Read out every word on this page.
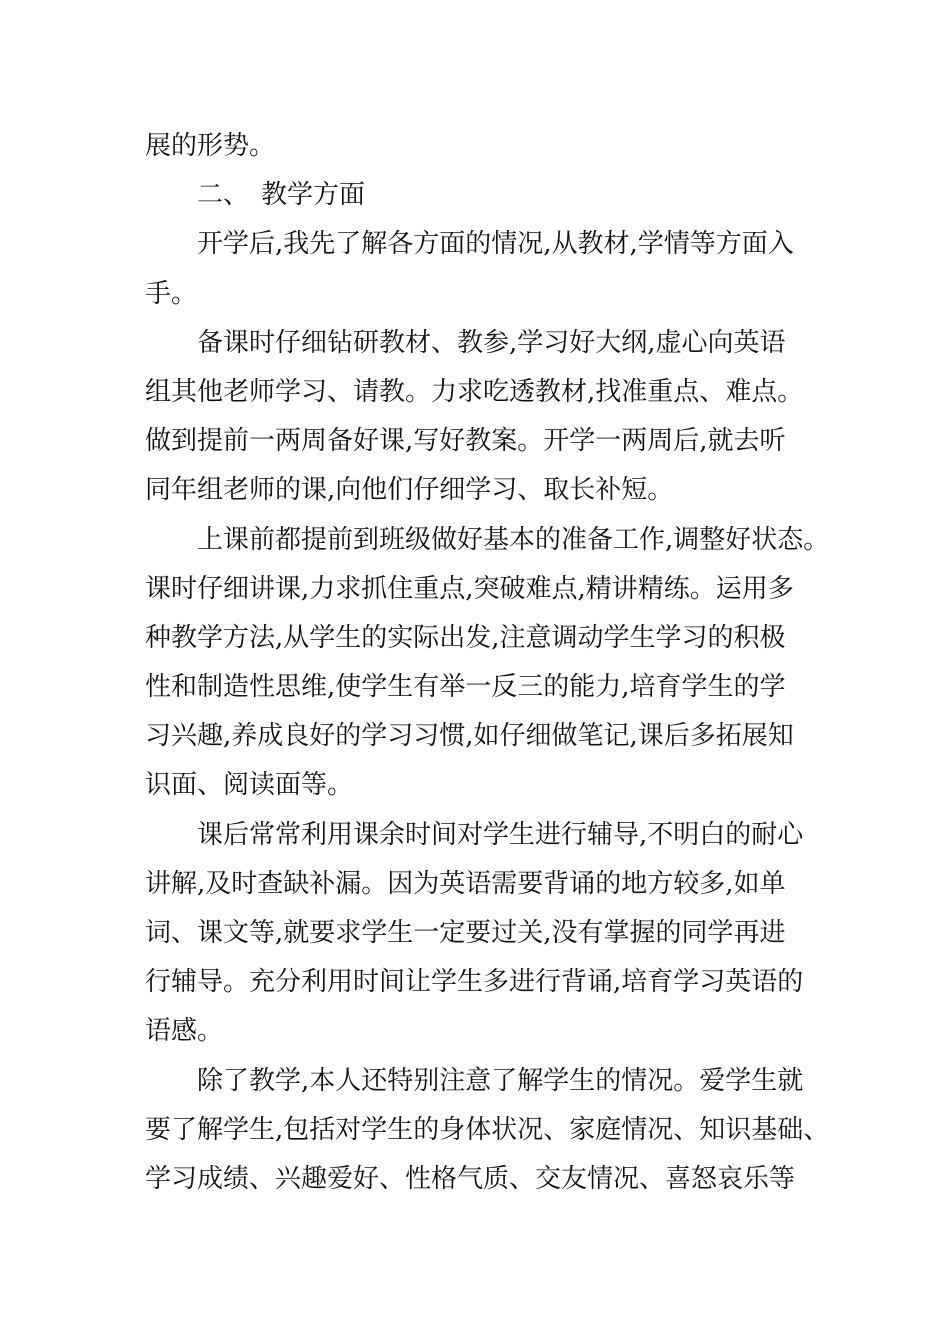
展的形势。
二、 教学方面
开学后,我先了解各方面的情况,从教材,学情等方面入
手。
备课时仔细钻研教材、教参,学习好大纲,虚心向英语
组其他老师学习、请教。力求吃透教材,找准重点、难点。
做到提前一两周备好课,写好教案。开学一两周后,就去听
同年组老师的课,向他们仔细学习、取长补短。
上课前都提前到班级做好基本的准备工作,调整好状态。
课时仔细讲课,力求抓住重点,突破难点,精讲精练。运用多
种教学方法,从学生的实际出发,注意调动学生学习的积极
性和制造性思维,使学生有举一反三的能力,培育学生的学
习兴趣,养成良好的学习习惯,如仔细做笔记,课后多拓展知
识面、阅读面等。
课后常常利用课余时间对学生进行辅导,不明白的耐心
讲解,及时查缺补漏。因为英语需要背诵的地方较多,如单
词、课文等,就要求学生一定要过关,没有掌握的同学再进
行辅导。充分利用时间让学生多进行背诵,培育学习英语的
语感。
除了教学,本人还特别注意了解学生的情况。爱学生就
要了解学生,包括对学生的身体状况、家庭情况、知识基础、
学习成绩、兴趣爱好、性格气质、交友情况、喜怒哀乐等
